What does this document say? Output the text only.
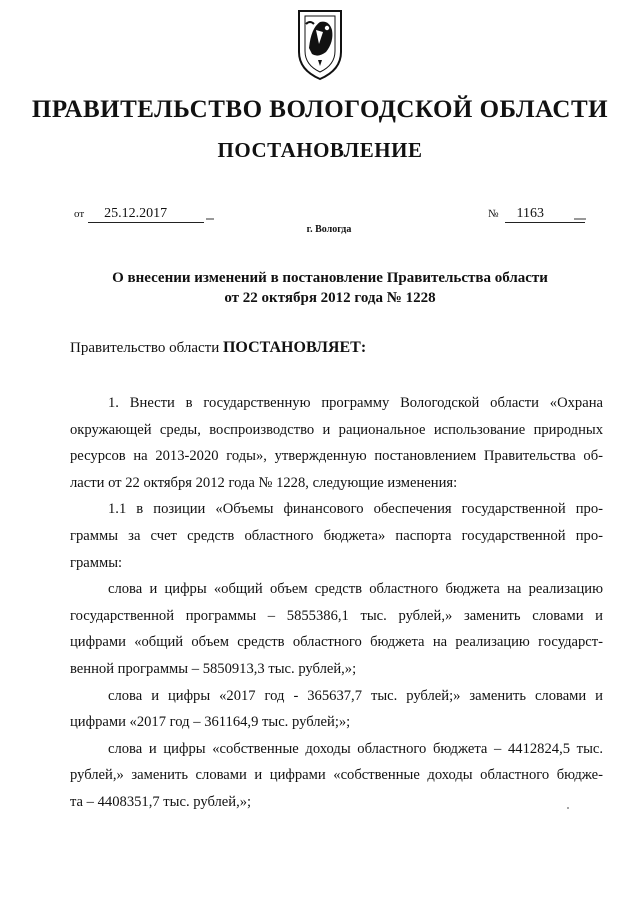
ПРАВИТЕЛЬСТВО ВОЛОГОДСКОЙ ОБЛАСТИ
ПОСТАНОВЛЕНИЕ
от 25.12.2017	№ 1163
г. Вологда
О внесении изменений в постановление Правительства области
от 22 октября 2012 года № 1228
Правительство области ПОСТАНОВЛЯЕТ:
1. Внести в государственную программу Вологодской области «Охрана
окружающей среды, воспроизводство и рациональное использование природных
ресурсов на 2013-2020 годы», утвержденную постановлением Правительства об-
ласти от 22 октября 2012 года № 1228, следующие изменения:
1.1 в позиции «Объемы финансового обеспечения государственной про-
граммы за счет средств областного бюджета» паспорта государственной про-
граммы:
слова и цифры «общий объем средств областного бюджета на реализацию
государственной программы – 5855386,1 тыс. рублей,» заменить словами и
цифрами «общий объем средств областного бюджета на реализацию государст-
венной программы – 5850913,3 тыс. рублей,»;
слова и цифры «2017 год - 365637,7 тыс. рублей;» заменить словами и
цифрами «2017 год – 361164,9 тыс. рублей;»;
слова и цифры «собственные доходы областного бюджета – 4412824,5 тыс.
рублей,» заменить словами и цифрами «собственные доходы областного бюдже-
та – 4408351,7 тыс. рублей,»;
